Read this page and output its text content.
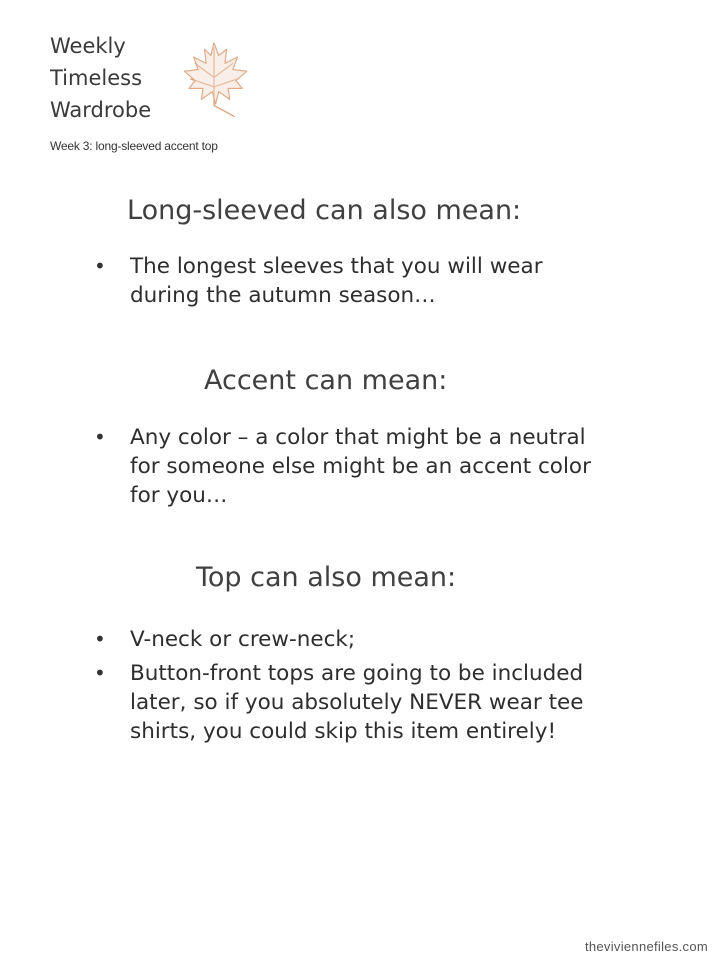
Weekly
Timeless
Wardrobe
Week 3: long-sleeved accent top
Long-sleeved can also mean:
• The longest sleeves that you will wear during the autumn season…
Accent can mean:
• Any color – a color that might be a neutral for someone else might be an accent color for you…
Top can also mean:
• V-neck or crew-neck;
• Button-front tops are going to be included later, so if you absolutely NEVER wear tee shirts, you could skip this item entirely!
theviviennefiles.com
